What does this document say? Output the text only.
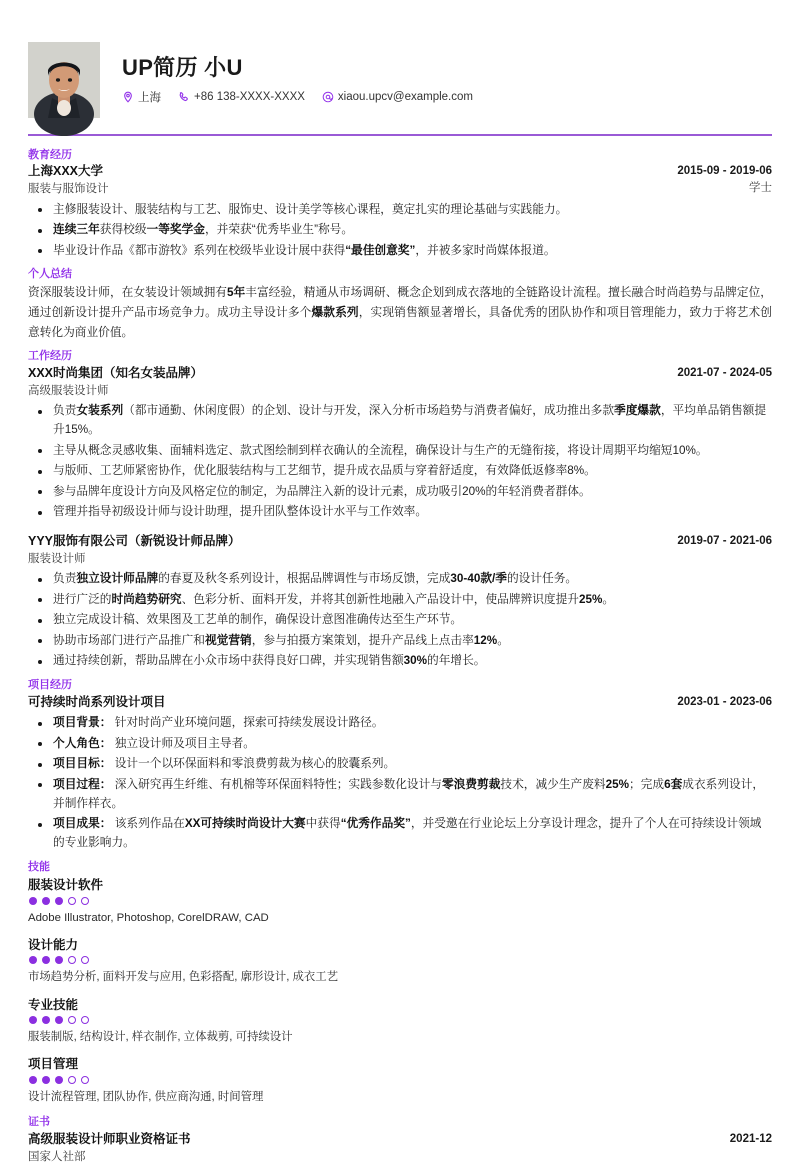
UP简历 小U
上海	+86 138-XXXX-XXXX	xiaou.upcv@example.com
教育经历
上海XXX大学
服装与服饰设计
2015-09 - 2019-06
学士
主修服装设计、服装结构与工艺、服饰史、设计美学等核心课程，奠定扎实的理论基础与实践能力。
连续三年获得校级一等奖学金，并荣获“优秀毕业生”称号。
毕业设计作品《都市游牧》系列在校级毕业设计展中获得“最佳创意奖”，并被多家时尚媒体报道。
个人总结
资深服装设计师，在女装设计领域拥有5年丰富经验，精通从市场调研、概念企划到成衣落地的全链路设计流程。擅长融合时尚趋势与品牌定位，通过创新设计提升产品市场竞争力。成功主导设计多个爆款系列，实现销售额显著增长，具备优秀的团队协作和项目管理能力，致力于将艺术创意转化为商业价值。
工作经历
XXX时尚集团（知名女装品牌）
高级服装设计师
2021-07 - 2024-05
负责女装系列（都市通勤、休闲度假）的企划、设计与开发，深入分析市场趋势与消费者偏好，成功推出多款季度爆款，平均单品销售额提升15%。
主导从概念灵感收集、面辅料选定、款式图绘制到样衣确认的全流程，确保设计与生产的无缝衔接，将设计周期平均缩短10%。
与版师、工艺师紧密协作，优化服装结构与工艺细节，提升成衣品质与穿着舒适度，有效降低返修率8%。
参与品牌年度设计方向及风格定位的制定，为品牌注入新的设计元素，成功吸引20%的年轻消费者群体。
管理并指导初级设计师与设计助理，提升团队整体设计水平与工作效率。
YYY服饰有限公司（新锐设计师品牌）
服装设计师
2019-07 - 2021-06
负责独立设计师品牌的春夏及秋冬系列设计，根据品牌调性与市场反馈，完成30-40款/季的设计任务。
进行广泛的时尚趋势研究、色彩分析、面料开发，并将其创新性地融入产品设计中，使品牌辨识度提升25%。
独立完成设计稿、效果图及工艺单的制作，确保设计意图准确传达至生产环节。
协助市场部门进行产品推广和视觉营销，参与拍摄方案策划，提升产品线上点击率12%。
通过持续创新，帮助品牌在小众市场中获得良好口碑，并实现销售额30%的年增长。
项目经历
可持续时尚系列设计项目	2023-01 - 2023-06
项目背景： 针对时尚产业环境问题，探索可持续发展设计路径。
个人角色： 独立设计师及项目主导者。
项目目标： 设计一个以环保面料和零浪费剪裁为核心的胶囊系列。
项目过程： 深入研究再生纤维、有机棉等环保面料特性；实践参数化设计与零浪费剪裁技术，减少生产废料25%；完成6套成衣系列设计，并制作样衣。
项目成果： 该系列作品在XX可持续时尚设计大赛中获得“优秀作品奖”，并受邀在行业论坛上分享设计理念，提升了个人在可持续设计领域的专业影响力。
技能
服装设计软件
Adobe Illustrator, Photoshop, CorelDRAW, CAD
设计能力
市场趋势分析, 面料开发与应用, 色彩搭配, 廓形设计, 成衣工艺
专业技能
服装制版, 结构设计, 样衣制作, 立体裁剪, 可持续设计
项目管理
设计流程管理, 团队协作, 供应商沟通, 时间管理
证书
高级服装设计师职业资格证书
国家人社部
2021-12
